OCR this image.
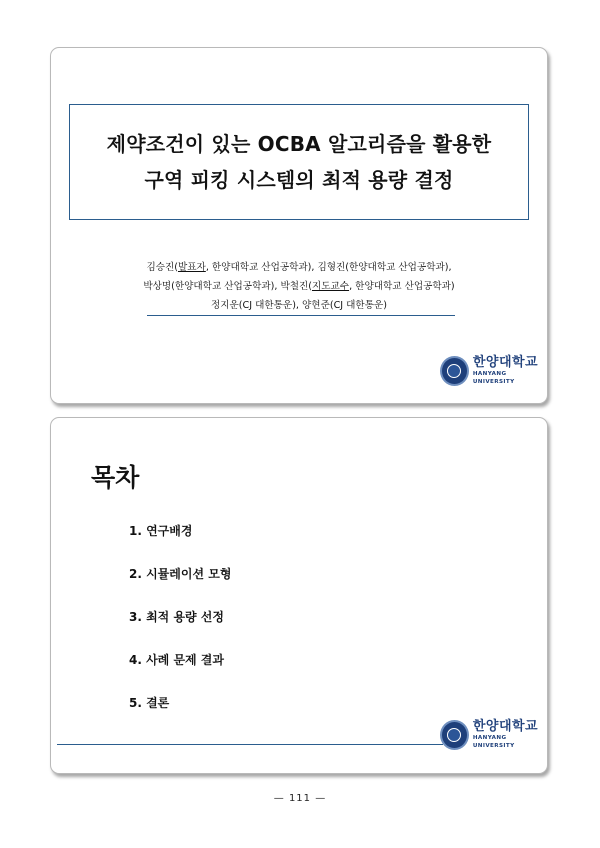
제약조건이 있는 OCBA 알고리즘을 활용한
구역 피킹 시스템의 최적 용량 결정
김승진(발표자, 한양대학교 산업공학과), 김형진(한양대학교 산업공학과),
박상명(한양대학교 산업공학과), 박철진(지도교수, 한양대학교 산업공학과)
정지운(CJ 대한통운), 양현준(CJ 대한통운)
한양대학교
HANYANG UNIVERSITY
목차
1. 연구배경
2. 시뮬레이션 모형
3. 최적 용량 선정
4. 사례 문제 결과
5. 결론
한양대학교
HANYANG UNIVERSITY
— 111 —
